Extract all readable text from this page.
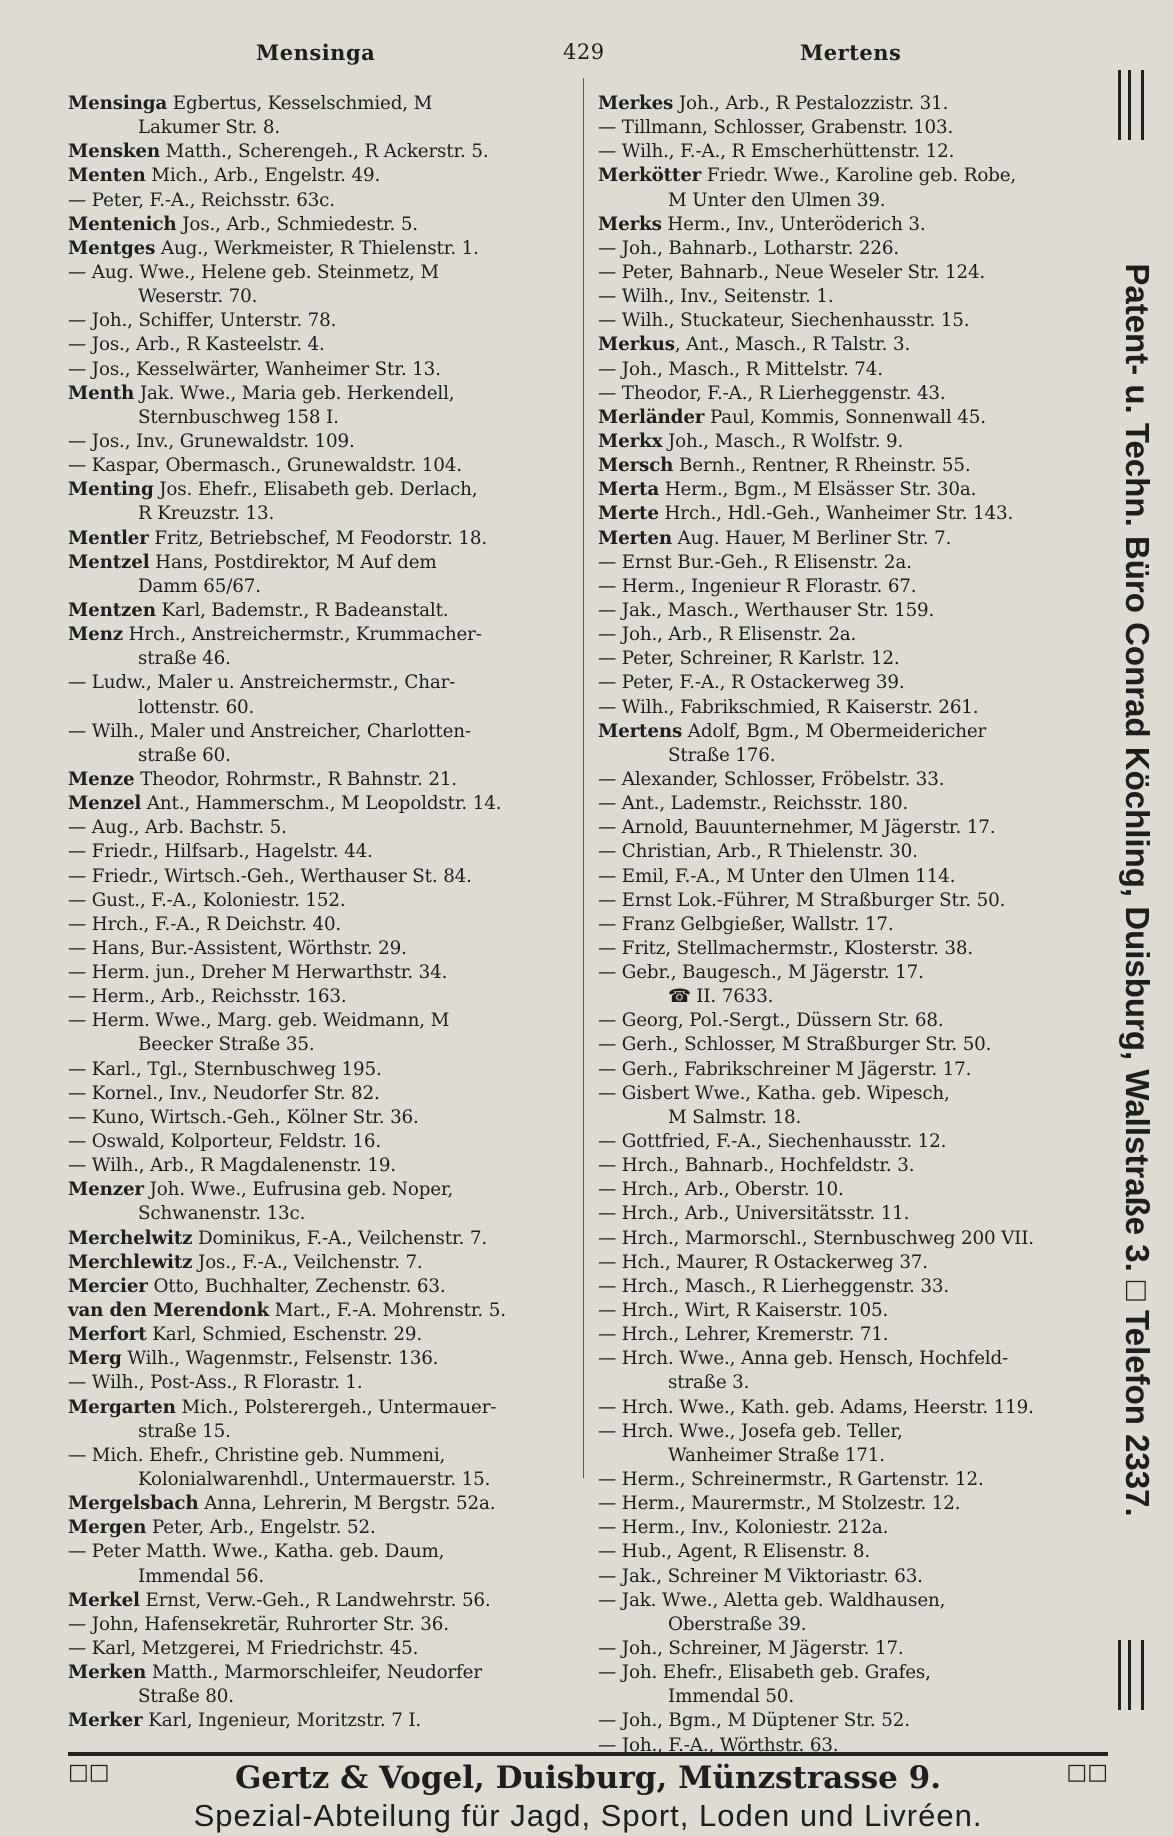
Mensinga	429	Mertens
Mensinga Egbertus, Kesselschmied, M
Lakumer Str. 8.
Mensken Matth., Scherengeh., R Ackerstr. 5.
Menten Mich., Arb., Engelstr. 49.
— Peter, F.-A., Reichsstr. 63c.
Mentenich Jos., Arb., Schmiedestr. 5.
Mentges Aug., Werkmeister, R Thielenstr. 1.
— Aug. Wwe., Helene geb. Steinmetz, M
Weserstr. 70.
— Joh., Schiffer, Unterstr. 78.
— Jos., Arb., R Kasteelstr. 4.
— Jos., Kesselwärter, Wanheimer Str. 13.
Menth Jak. Wwe., Maria geb. Herkendell,
Sternbuschweg 158 I.
— Jos., Inv., Grunewaldstr. 109.
— Kaspar, Obermasch., Grunewaldstr. 104.
Menting Jos. Ehefr., Elisabeth geb. Derlach,
R Kreuzstr. 13.
Mentler Fritz, Betriebschef, M Feodorstr. 18.
Mentzel Hans, Postdirektor, M Auf dem
Damm 65/67.
Mentzen Karl, Bademstr., R Badeanstalt.
Menz Hrch., Anstreichermstr., Krummacher-
straße 46.
— Ludw., Maler u. Anstreichermstr., Char-
lottenstr. 60.
— Wilh., Maler und Anstreicher, Charlotten-
straße 60.
Menze Theodor, Rohrmstr., R Bahnstr. 21.
Menzel Ant., Hammerschm., M Leopoldstr. 14.
— Aug., Arb. Bachstr. 5.
— Friedr., Hilfsarb., Hagelstr. 44.
— Friedr., Wirtsch.-Geh., Werthauser St. 84.
— Gust., F.-A., Koloniestr. 152.
— Hrch., F.-A., R Deichstr. 40.
— Hans, Bur.-Assistent, Wörthstr. 29.
— Herm. jun., Dreher M Herwarthstr. 34.
— Herm., Arb., Reichsstr. 163.
— Herm. Wwe., Marg. geb. Weidmann, M
Beecker Straße 35.
— Karl., Tgl., Sternbuschweg 195.
— Kornel., Inv., Neudorfer Str. 82.
— Kuno, Wirtsch.-Geh., Kölner Str. 36.
— Oswald, Kolporteur, Feldstr. 16.
— Wilh., Arb., R Magdalenenstr. 19.
Menzer Joh. Wwe., Eufrusina geb. Noper,
Schwanenstr. 13c.
Merchelwitz Dominikus, F.-A., Veilchenstr. 7.
Merchlewitz Jos., F.-A., Veilchenstr. 7.
Mercier Otto, Buchhalter, Zechenstr. 63.
van den Merendonk Mart., F.-A. Mohrenstr. 5.
Merfort Karl, Schmied, Eschenstr. 29.
Merg Wilh., Wagenmstr., Felsenstr. 136.
— Wilh., Post-Ass., R Florastr. 1.
Mergarten Mich., Polsterergeh., Untermauer-
straße 15.
— Mich. Ehefr., Christine geb. Nummeni,
Kolonialwarenhdl., Untermauerstr. 15.
Mergelsbach Anna, Lehrerin, M Bergstr. 52a.
Mergen Peter, Arb., Engelstr. 52.
— Peter Matth. Wwe., Katha. geb. Daum,
Immendal 56.
Merkel Ernst, Verw.-Geh., R Landwehrstr. 56.
— John, Hafensekretär, Ruhrorter Str. 36.
— Karl, Metzgerei, M Friedrichstr. 45.
Merken Matth., Marmorschleifer, Neudorfer
Straße 80.
Merker Karl, Ingenieur, Moritzstr. 7 I.
Merkes Joh., Arb., R Pestalozzistr. 31.
— Tillmann, Schlosser, Grabenstr. 103.
— Wilh., F.-A., R Emscherhüttenstr. 12.
Merkötter Friedr. Wwe., Karoline geb. Robe,
M Unter den Ulmen 39.
Merks Herm., Inv., Unteröderich 3.
— Joh., Bahnarb., Lotharstr. 226.
— Peter, Bahnarb., Neue Weseler Str. 124.
— Wilh., Inv., Seitenstr. 1.
— Wilh., Stuckateur, Siechenhausstr. 15.
Merkus, Ant., Masch., R Talstr. 3.
— Joh., Masch., R Mittelstr. 74.
— Theodor, F.-A., R Lierheggenstr. 43.
Merländer Paul, Kommis, Sonnenwall 45.
Merkx Joh., Masch., R Wolfstr. 9.
Mersch Bernh., Rentner, R Rheinstr. 55.
Merta Herm., Bgm., M Elsässer Str. 30a.
Merte Hrch., Hdl.-Geh., Wanheimer Str. 143.
Merten Aug. Hauer, M Berliner Str. 7.
— Ernst Bur.-Geh., R Elisenstr. 2a.
— Herm., Ingenieur R Florastr. 67.
— Jak., Masch., Werthauser Str. 159.
— Joh., Arb., R Elisenstr. 2a.
— Peter, Schreiner, R Karlstr. 12.
— Peter, F.-A., R Ostackerweg 39.
— Wilh., Fabrikschmied, R Kaiserstr. 261.
Mertens Adolf, Bgm., M Obermeidericher
Straße 176.
— Alexander, Schlosser, Fröbelstr. 33.
— Ant., Lademstr., Reichsstr. 180.
— Arnold, Bauunternehmer, M Jägerstr. 17.
— Christian, Arb., R Thielenstr. 30.
— Emil, F.-A., M Unter den Ulmen 114.
— Ernst Lok.-Führer, M Straßburger Str. 50.
— Franz Gelbgießer, Wallstr. 17.
— Fritz, Stellmachermstr., Klosterstr. 38.
— Gebr., Baugesch., M Jägerstr. 17.
☎ II. 7633.
— Georg, Pol.-Sergt., Düssern Str. 68.
— Gerh., Schlosser, M Straßburger Str. 50.
— Gerh., Fabrikschreiner M Jägerstr. 17.
— Gisbert Wwe., Katha. geb. Wipesch,
M Salmstr. 18.
— Gottfried, F.-A., Siechenhausstr. 12.
— Hrch., Bahnarb., Hochfeldstr. 3.
— Hrch., Arb., Oberstr. 10.
— Hrch., Arb., Universitätsstr. 11.
— Hrch., Marmorschl., Sternbuschweg 200 VII.
— Hch., Maurer, R Ostackerweg 37.
— Hrch., Masch., R Lierheggenstr. 33.
— Hrch., Wirt, R Kaiserstr. 105.
— Hrch., Lehrer, Kremerstr. 71.
— Hrch. Wwe., Anna geb. Hensch, Hochfeld-
straße 3.
— Hrch. Wwe., Kath. geb. Adams, Heerstr. 119.
— Hrch. Wwe., Josefa geb. Teller,
Wanheimer Straße 171.
— Herm., Schreinermstr., R Gartenstr. 12.
— Herm., Maurermstr., M Stolzestr. 12.
— Herm., Inv., Koloniestr. 212a.
— Hub., Agent, R Elisenstr. 8.
— Jak., Schreiner M Viktoriastr. 63.
— Jak. Wwe., Aletta geb. Waldhausen,
Oberstraße 39.
— Joh., Schreiner, M Jägerstr. 17.
— Joh. Ehefr., Elisabeth geb. Grafes,
Immendal 50.
— Joh., Bgm., M Düptener Str. 52.
— Joh., F.-A., Wörthstr. 63.
Patent- u. Techn. Büro Conrad Köchling, Duisburg, Wallstraße 3. □ Telefon 2337.
□□	Gertz & Vogel, Duisburg, Münzstrasse 9.	□□
Spezial-Abteilung für Jagd, Sport, Loden und Livréen.
